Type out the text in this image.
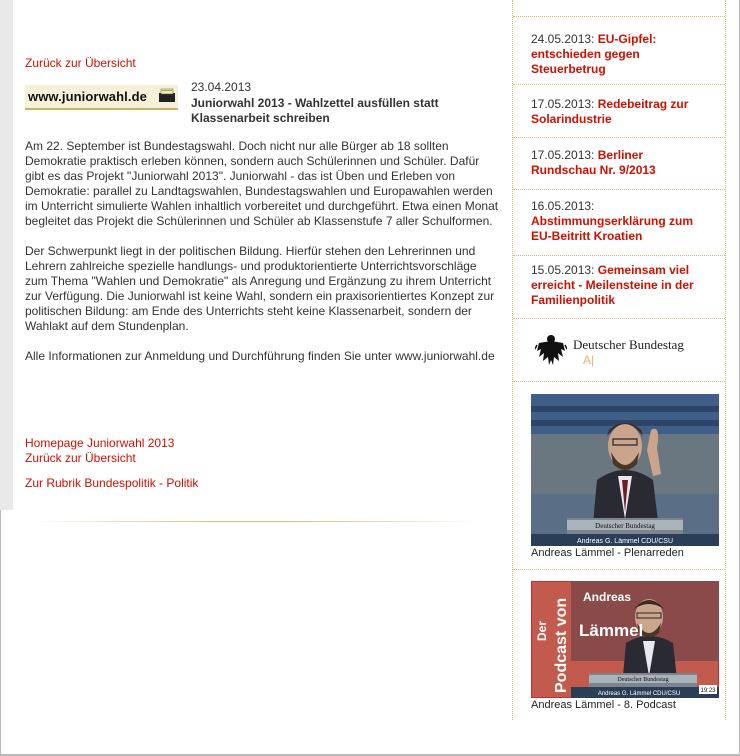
Zurück zur Übersicht
www.juniorwahl.de
23.04.2013
Juniorwahl 2013 - Wahlzettel ausfüllen statt Klassenarbeit schreiben

Am 22. September ist Bundestagswahl. Doch nicht nur alle Bürger ab 18 sollten Demokratie praktisch erleben können, sondern auch Schülerinnen und Schüler. Dafür gibt es das Projekt "Juniorwahl 2013". Juniorwahl - das ist Üben und Erleben von Demokratie: parallel zu Landtagswahlen, Bundestagswahlen und Europawahlen werden im Unterricht simulierte Wahlen inhaltlich vorbereitet und durchgeführt. Etwa einen Monat begleitet das Projekt die Schülerinnen und Schüler ab Klassenstufe 7 aller Schulformen.

Der Schwerpunkt liegt in der politischen Bildung. Hierfür stehen den Lehrerinnen und Lehrern zahlreiche spezielle handlungs- und produktorientierte Unterrichtsvorschläge zum Thema "Wahlen und Demokratie" als Anregung und Ergänzung zu ihrem Unterricht zur Verfügung. Die Juniorwahl ist keine Wahl, sondern ein praxisorientiertes Konzept zur politischen Bildung: am Ende des Unterrichts steht keine Klassenarbeit, sondern der Wahlakt auf dem Stundenplan.

Alle Informationen zur Anmeldung und Durchführung finden Sie unter www.juniorwahl.de

Homepage Juniorwahl 2013
Zurück zur Übersicht
Zur Rubrik Bundespolitik - Politik
24.05.2013: EU-Gipfel: entschieden gegen Steuerbetrug
17.05.2013: Redebeitrag zur Solarindustrie
17.05.2013: Berliner Rundschau Nr. 9/2013
16.05.2013: Abstimmungserklärung zum EU-Beitritt Kroatien
15.05.2013: Gemeinsam viel erreicht - Meilensteine in der Familienpolitik
Deutscher Bundestag
A|
Deutscher Bundestag
Andreas G. Lämmel CDU/CSU
Andreas Lämmel - Plenarreden
Andreas
Lämmel
Der Podcast von	Deutscher Bundestag
Andreas G. Lämmel CDU/CSU	19:23
Andreas Lämmel - 8. Podcast
